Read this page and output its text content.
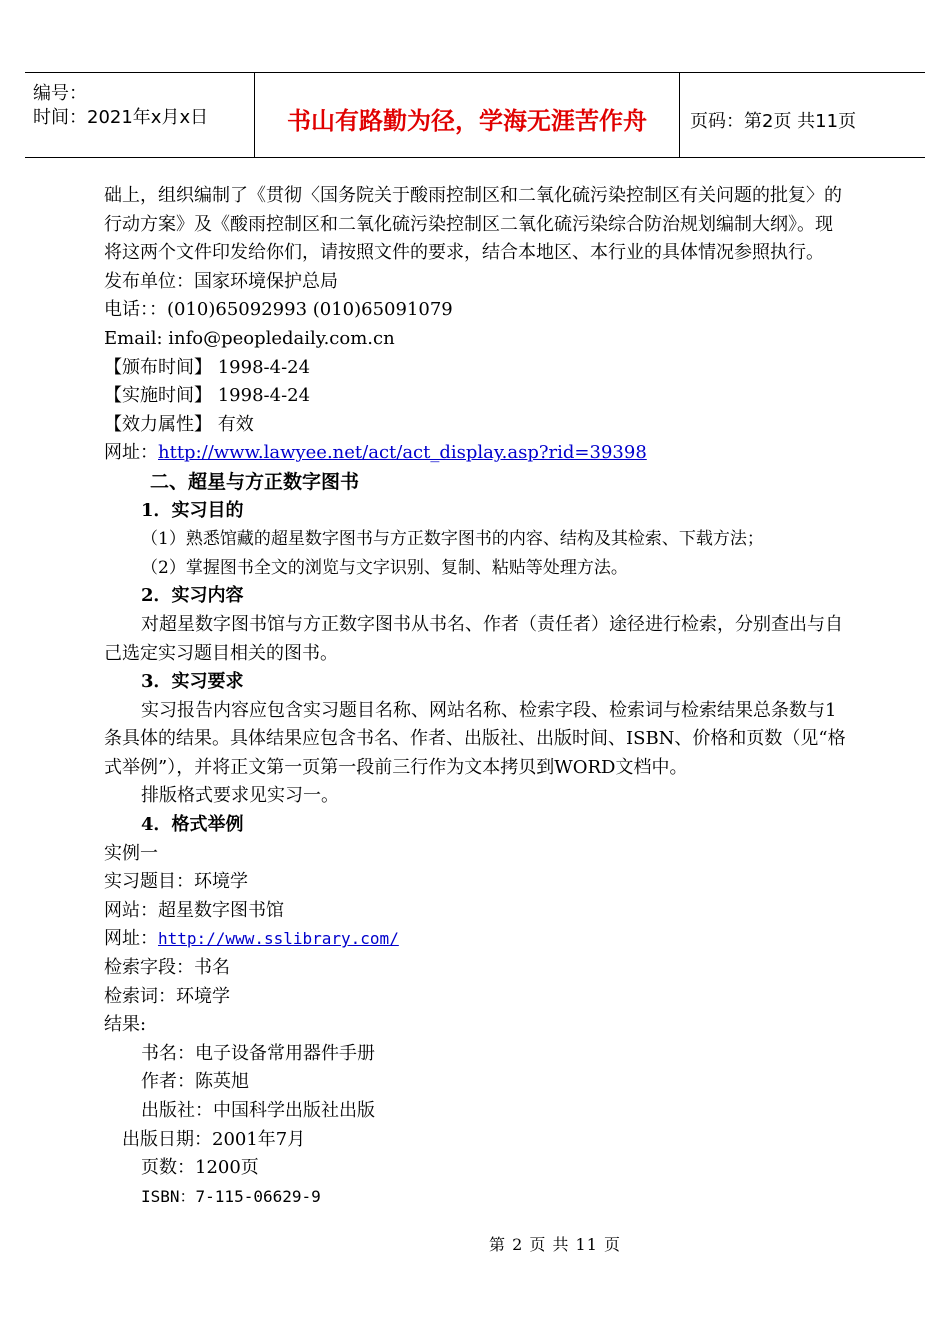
编号：
时间：2021年x月x日	书山有路勤为径，学海无涯苦作舟	页码：第2页 共11页

础上，组织编制了《贯彻〈国务院关于酸雨控制区和二氧化硫污染控制区有关问题的批复〉的行动方案》及《酸雨控制区和二氧化硫污染控制区二氧化硫污染综合防治规划编制大纲》。现将这两个文件印发给你们，请按照文件的要求，结合本地区、本行业的具体情况参照执行。

发布单位：国家环境保护总局

电话：：(010)65092993 (010)65091079

Email: info@peopledaily.com.cn

【颁布时间】 1998-4-24

【实施时间】 1998-4-24

【效力属性】 有效

网址：http://www.lawyee.net/act/act_display.asp?rid=39398

二、超星与方正数字图书

1．实习目的

（1）熟悉馆藏的超星数字图书与方正数字图书的内容、结构及其检索、下载方法；

（2）掌握图书全文的浏览与文字识别、复制、粘贴等处理方法。

2．实习内容

对超星数字图书馆与方正数字图书从书名、作者（责任者）途径进行检索，分别查出与自己选定实习题目相关的图书。

3．实习要求

实习报告内容应包含实习题目名称、网站名称、检索字段、检索词与检索结果总条数与1条具体的结果。具体结果应包含书名、作者、出版社、出版时间、ISBN、价格和页数（见“格式举例”），并将正文第一页第一段前三行作为文本拷贝到WORD文档中。

排版格式要求见实习一。

4．格式举例

实例一

实习题目：环境学

网站：超星数字图书馆

网址：http://www.sslibrary.com/

检索字段：书名

检索词：环境学

结果:

书名：电子设备常用器件手册

作者：陈英旭

出版社：中国科学出版社出版

出版日期：2001年7月

页数：1200页

ISBN：7-115-06629-9

第 2 页 共 11 页
